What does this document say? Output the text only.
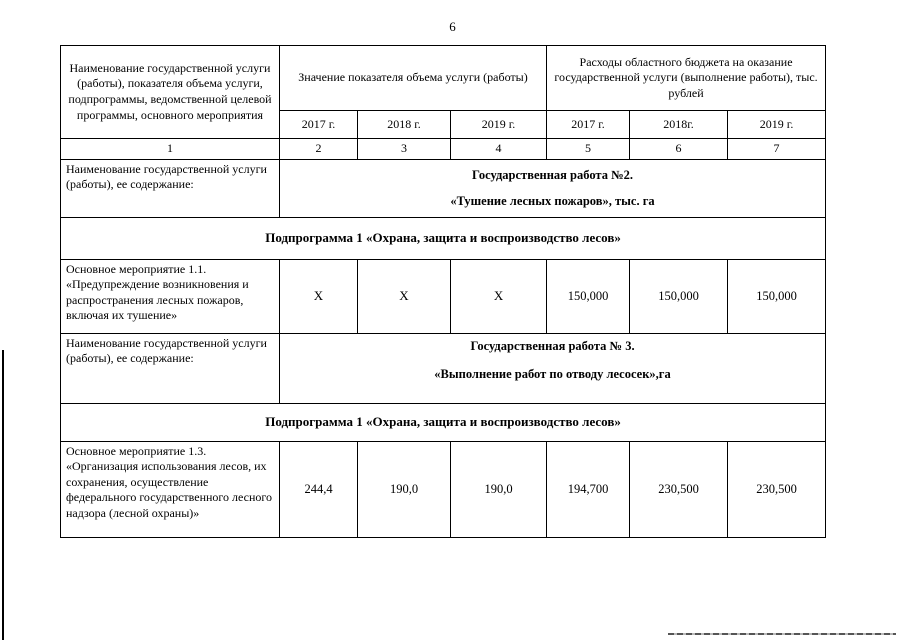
6
Наименование государственной услуги (работы), показателя объема услуги, подпрограммы, ведомственной целевой программы, основного мероприятия	Значение показателя объема услуги (работы)			Расходы областного бюджета на оказание государственной услуги (выполнение работы), тыс. рублей		
	2017 г.	2018 г.	2019 г.	2017 г.	2018г.	2019 г.
1	2	3	4	5	6	7
Наименование государственной услуги (работы), ее содержание:	Государственная работа №2.
«Тушение лесных пожаров», тыс. га					

Подпрограмма 1 «Охрана, защита и воспроизводство лесов»						
Основное мероприятие 1.1. «Предупреждение возникновения и распространения лесных пожаров, включая их тушение»	Х	Х	Х	150,000	150,000	150,000
Наименование государственной услуги (работы), ее содержание:	Государственная работа № 3.
«Выполнение работ по отводу лесосек»,га					

Подпрограмма 1 «Охрана, защита и воспроизводство лесов»						
Основное мероприятие 1.3. «Организация использования лесов, их сохранения, осуществление федерального государственного лесного надзора (лесной охраны)»	244,4	190,0	190,0	194,700	230,500	230,500
